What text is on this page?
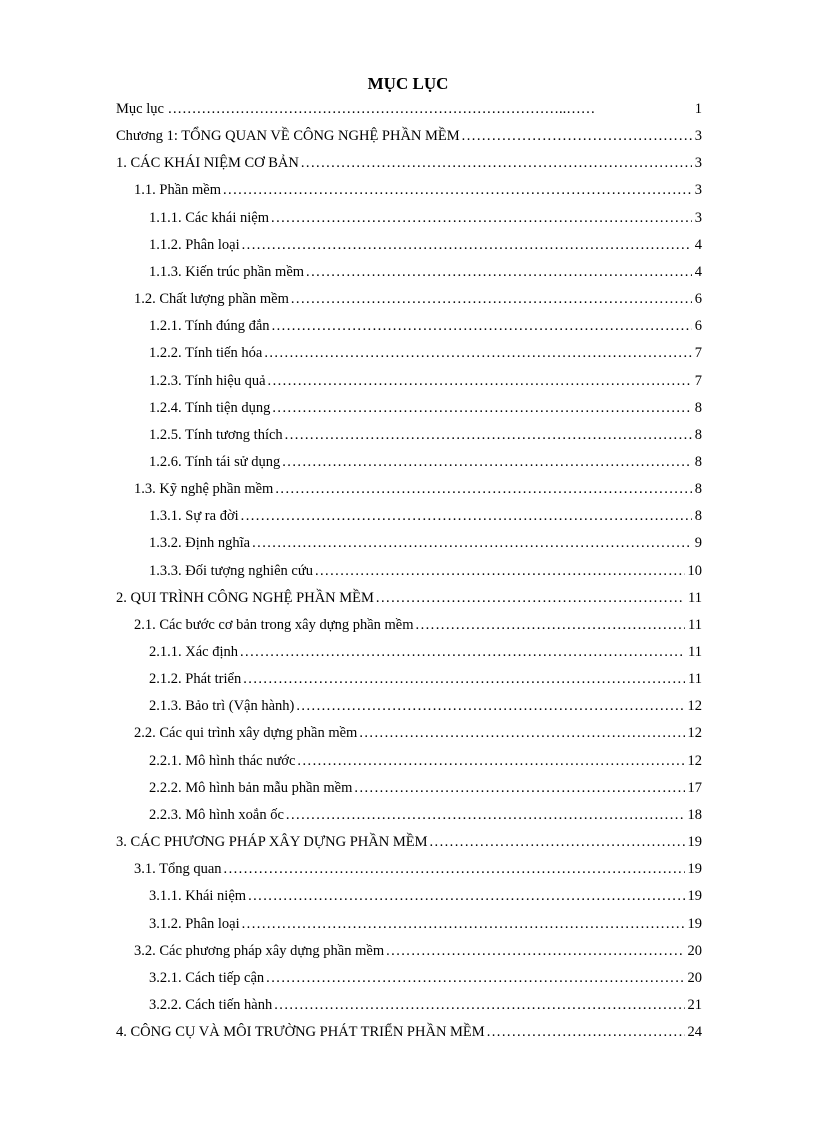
MỤC LỤC
Mục lục ………………………………………………………………………..……	1
Chương 1: TỔNG QUAN VỀ CÔNG NGHỆ PHẦN MỀM . . .	3
1. CÁC KHÁI NIỆM CƠ BẢN . . .	3
1.1. Phần mềm . . .	3
1.1.1. Các khái niệm . . .	3
1.1.2. Phân loại . . .	4
1.1.3. Kiến trúc phần mềm . . .	4
1.2. Chất lượng phần mềm . . .	6
1.2.1. Tính đúng đắn . . .	6
1.2.2. Tính tiến hóa . . .	7
1.2.3. Tính hiệu quả . . .	7
1.2.4. Tính tiện dụng . . .	8
1.2.5. Tính tương thích . . .	8
1.2.6. Tính tái sử dụng . . .	8
1.3. Kỹ nghệ phần mềm . . .	8
1.3.1. Sự ra đời . . .	8
1.3.2. Định nghĩa . . .	9
1.3.3. Đối tượng nghiên cứu . . .	10
2. QUI TRÌNH CÔNG NGHỆ PHẦN MỀM . . .	11
2.1. Các bước cơ bản trong xây dựng phần mềm . . .	11
2.1.1. Xác định . . .	11
2.1.2. Phát triển . . .	11
2.1.3. Bảo trì (Vận hành) . . .	12
2.2. Các qui trình xây dựng phần mềm . . .	12
2.2.1. Mô hình thác nước . . .	12
2.2.2. Mô hình bản mẫu phần mềm . . .	17
2.2.3. Mô hình xoắn ốc . . .	18
3. CÁC PHƯƠNG PHÁP XÂY DỰNG PHẦN MỀM . . .	19
3.1. Tổng quan . . .	19
3.1.1. Khái niệm . . .	19
3.1.2. Phân loại . . .	19
3.2. Các phương pháp xây dựng phần mềm . . .	20
3.2.1. Cách tiếp cận . . .	20
3.2.2. Cách tiến hành . . .	21
4. CÔNG CỤ VÀ MÔI TRƯỜNG PHÁT TRIỂN PHẦN MỀM . . .	24
